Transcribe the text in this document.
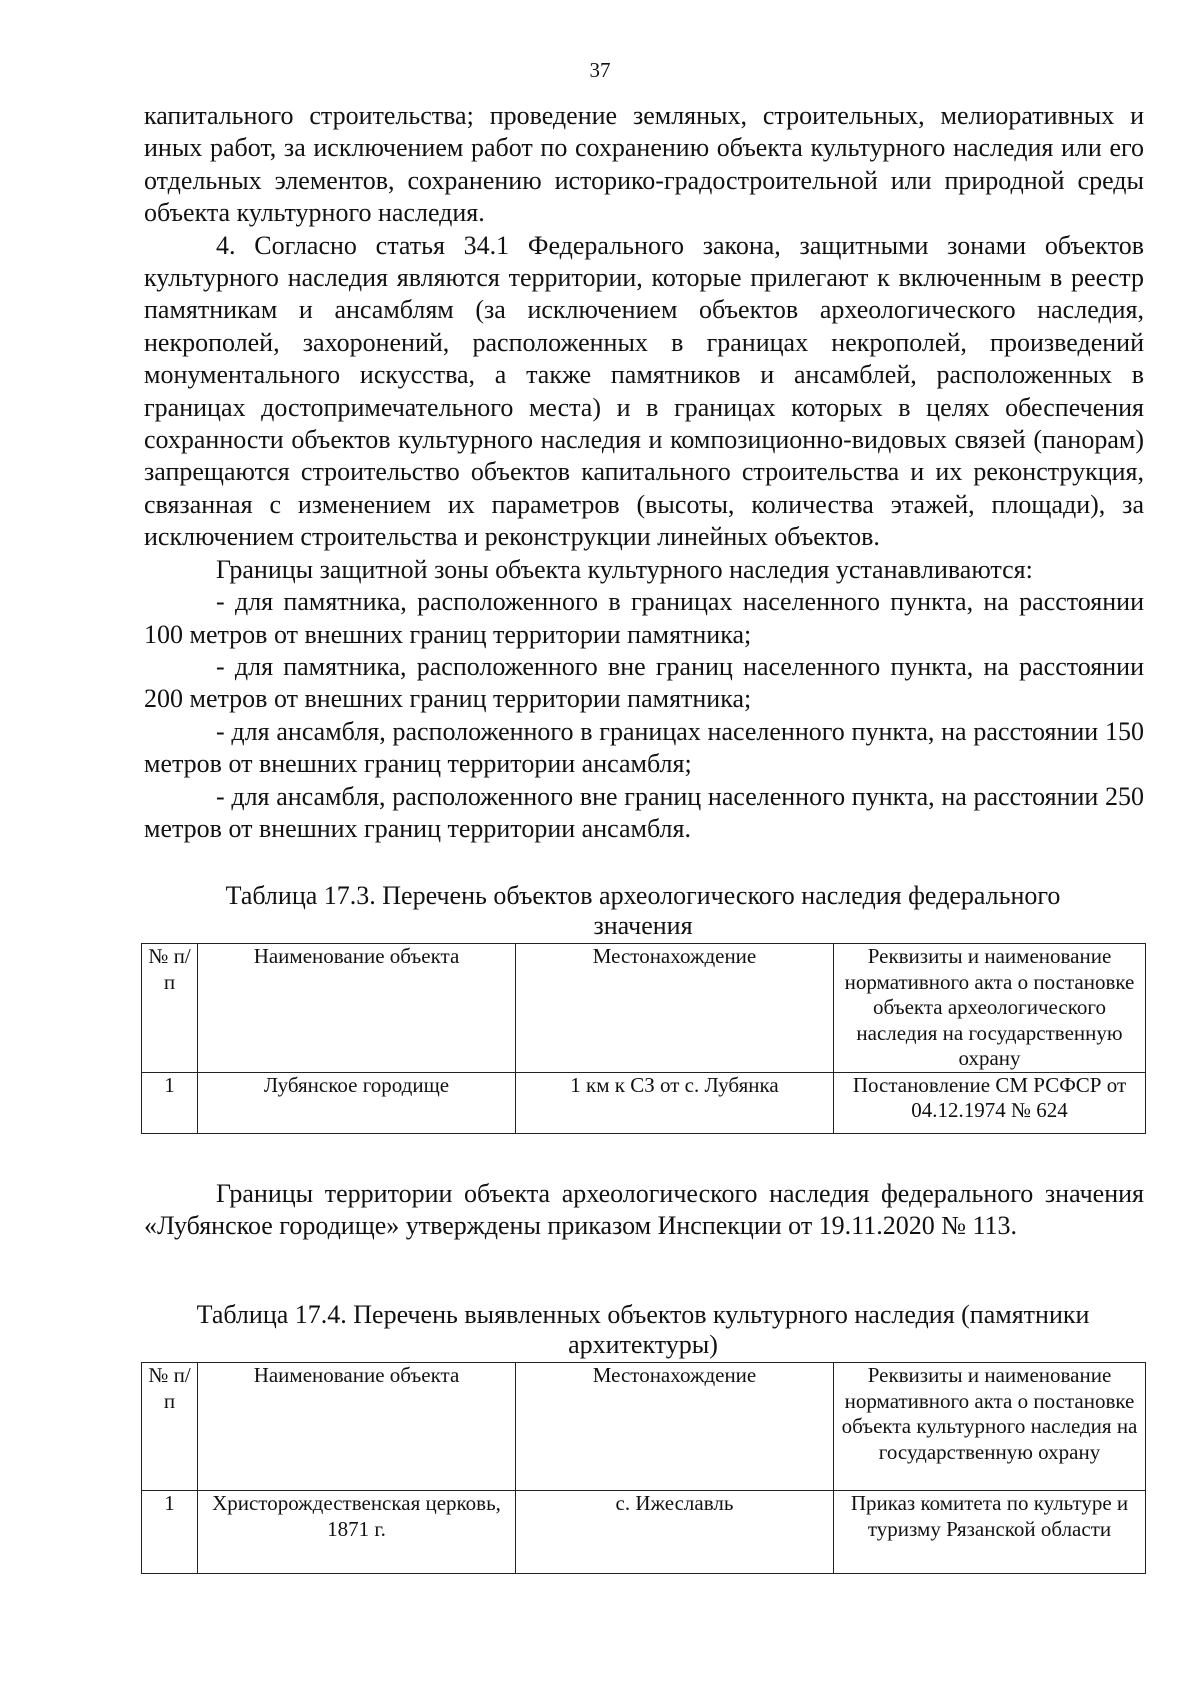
37

капитального строительства; проведение земляных, строительных, мелиоративных и иных работ, за исключением работ по сохранению объекта культурного наследия или его отдельных элементов, сохранению историко-градостроительной или природной среды объекта культурного наследия.

4. Согласно статья 34.1 Федерального закона, защитными зонами объектов культурного наследия являются территории, которые прилегают к включенным в реестр памятникам и ансамблям (за исключением объектов археологического наследия, некрополей, захоронений, расположенных в границах некрополей, произведений монументального искусства, а также памятников и ансамблей, расположенных в границах достопримечательного места) и в границах которых в целях обеспечения сохранности объектов культурного наследия и композиционно-видовых связей (панорам) запрещаются строительство объектов капитального строительства и их реконструкция, связанная с изменением их параметров (высоты, количества этажей, площади), за исключением строительства и реконструкции линейных объектов.

Границы защитной зоны объекта культурного наследия устанавливаются:

- для памятника, расположенного в границах населенного пункта, на расстоянии 100 метров от внешних границ территории памятника;

- для памятника, расположенного вне границ населенного пункта, на расстоянии 200 метров от внешних границ территории памятника;

- для ансамбля, расположенного в границах населенного пункта, на расстоянии 150 метров от внешних границ территории ансамбля;

- для ансамбля, расположенного вне границ населенного пункта, на расстоянии 250 метров от внешних границ территории ансамбля.

Таблица 17.3. Перечень объектов археологического наследия федерального значения
№ п/п	Наименование объекта	Местонахождение	Реквизиты и наименование нормативного акта о постановке объекта археологического наследия на государственную охрану
1	Лубянское городище	1 км к СЗ от с. Лубянка	Постановление СМ РСФСР от 04.12.1974 № 624

Границы территории объекта археологического наследия федерального значения «Лубянское городище» утверждены приказом Инспекции от 19.11.2020 № 113.

Таблица 17.4. Перечень выявленных объектов культурного наследия (памятники архитектуры)
№ п/п	Наименование объекта	Местонахождение	Реквизиты и наименование нормативного акта о постановке объекта культурного наследия на государственную охрану
1	Христорождественская церковь, 1871 г.	с. Ижеславль	Приказ комитета по культуре и туризму Рязанской области
